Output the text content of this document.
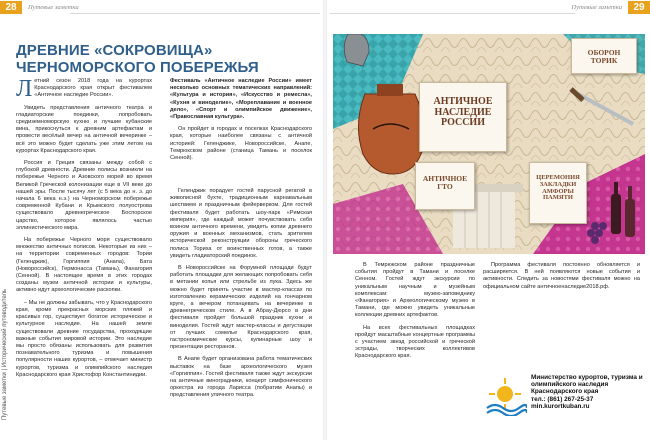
28	Путевые заметки	Путевые заметки	29
Путевые заметки | Исторический путеводитель
ДРЕВНИЕ «СОКРОВИЩА»
ЧЕРНОМОРСКОГО ПОБЕРЕЖЬЯ

Летний сезон 2018 года на курортах Краснодарского края открыт фестивалем «Античное наследие России».

Увидеть представления античного театра и гладиаторские поединки, попробовать средиземноморскую кухню и лучшие кубанские вина, прикоснуться к древним артефактам и провести весёлый вечер на античной вечеринке – всё это можно будет сделать уже этим летом на курортах Краснодарского края.

Россия и Греция связаны между собой с глубокой древности. Древние полисы возникли на побережье Черного и Азовского морей во время Великой Греческой колонизации еще в VII веке до нашей эры. После тысячу лет (с 5 века до н. э. до начала 6 века н.э.) на Черноморском побережье современной Кубани и Крымского полуострова существовало древнегреческое Боспорское царство, которое являлось частью эллинистического мира.

На побережье Черного моря существовало множество античных полисов. Некоторые из них – на территории современных городов: Тории (Геленджик), Горгиппия (Анапа), Бата (Новороссийск), Гермонасса (Тамань), Фанагория (Сенной). В настоящее время в этих городах созданы музеи античной истории и культуры, активно идут археологические раскопки.

– Мы не должны забывать, что у Краснодарского края, кроме прекрасных морских пляжей и красивых гор, существует богатое историческое и культурное наследие. На нашей земле существовали древние государства, проходящие важные события мировой истории. Это наследие мы просто обязаны использовать для развития познавательного туризма и повышения популярности наших курортов, – отмечает министр курортов, туризма и олимпийского наследия Краснодарского края Христофор Константинидии.

Фестиваль «Античное наследие России» имеет несколько основных тематических направлений: «Культура и история», «Искусство и ремесла», «Кухня и виноделие», «Мореплавание и военное дело», «Спорт и олимпийское движение», «Православная культура».

Он пройдет в городах и поселках Краснодарского края, которые наиболее связаны с античной историей: Геленджике, Новороссийске, Анапе, Темрюкском районе (станица Тамань и поселок Сенной).

Геленджик порадует гостей парусной регатой в живописной бухте, традиционным карнавальным шествием и праздничным фейерверком. Для гостей фестиваля будет работать шоу-парк «Римская империя», где каждый может почувствовать себя воином античного времени, увидеть копии древнего оружия и военных механизмов, стать зрителем исторической реконструкции обороны греческого полиса Ториха от воинственных готов, а также увидеть гладиаторский поединок.

В Новороссийске на Форумной площади будут работать площадки для желающих попробовать себя в метании копья или стрельбе из лука. Здесь же можно будет принять участие в мастер-классах по изготовлению керамических изделий на гончарном круге, а вечером потанцевать на вечеринке в древнегреческом стиле. А в Абрау-Дюрсо в дни фестиваля пройдет большой праздник кухни и виноделия. Гостей ждут мастер-классы и дегустации от лучших сомелье Краснодарского края, гастрономические курсы, кулинарные шоу и презентации ресторанов.

В Анапе будет организована работа тематических выставок на базе археологического музея «Горгиппия». Гостей фестиваля также ждут экскурсии на античные виноградники, концерт симфонического оркестра из города Ларисса (побратим Анапы) и представления уличного театра.

АНТИЧНОЕ
НАСЛЕДИЕ
РОССИИ
ОБОРОН ТОРИК
АНТИЧНОЕ
ГТО
ЦЕРЕМОНИЯ
ЗАКЛАДКИ
АМФОРЫ
ПАМЯТИ

В Темрюкском районе праздничные события пройдут в Тамани и поселке Сенном. Гостей ждут экскурсии по уникальным научным и музейным комплексам: музею-заповеднику «Фанагория» и Археологическому музею в Тамани, где можно увидеть уникальные коллекции древних артефактов.

На всех фестивальных площадках пройдут масштабные концертные программы с участием звезд российской и греческой эстрады, творческих коллективов Краснодарского края.

Программа фестиваля постоянно обновляется и расширяется. В ней появляются новые события и активности. Следить за новостями фестиваля можно на официальном сайте античноенаследие2018.рф.

Министерство курортов, туризма и олимпийского наследия Краснодарского края
тел.: (861) 267-25-37
min.kurortkuban.ru
